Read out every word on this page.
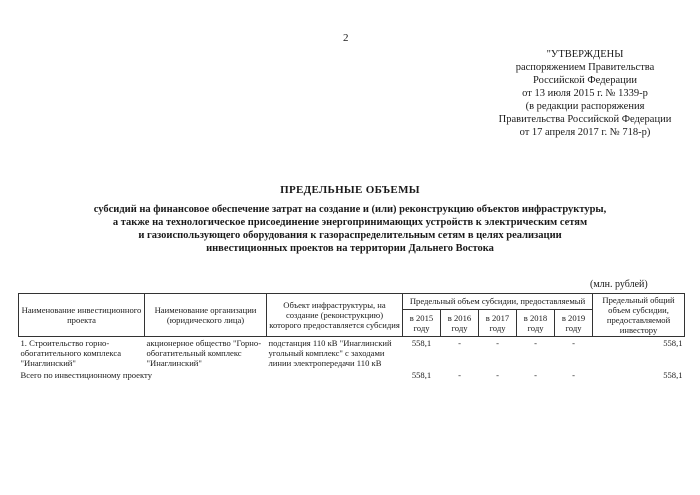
2
"УТВЕРЖДЕНЫ
распоряжением Правительства
Российской Федерации
от 13 июля 2015 г. № 1339-р
(в редакции распоряжения
Правительства Российской Федерации
от 17 апреля 2017 г. № 718-р)
ПРЕДЕЛЬНЫЕ ОБЪЕМЫ
субсидий на финансовое обеспечение затрат на создание и (или) реконструкцию объектов инфраструктуры,
а также на технологическое присоединение энергопринимающих устройств к электрическим сетям
и газоиспользующего оборудования к газораспределительным сетям в целях реализации
инвестиционных проектов на территории Дальнего Востока
(млн. рублей)
Наименование инвестиционного проекта	Наименование организации (юридического лица)	Объект инфраструктуры, на создание (реконструкцию) которого предоставляется субсидия	Предельный объем субсидии, предоставляемый					Предельный общий объем субсидии, предоставляемой инвестору
			в 2015 году	в 2016 году	в 2017 году	в 2018 году	в 2019 году	
1. Строительство горно-обогатительного комплекса "Инаглинский"	акционерное общество "Горно-обогатительный комплекс "Инаглинский"	подстанция 110 кВ "Инаглинский угольный комплекс" с заходами линии электропередачи 110 кВ	558,1	-	-	-	-	558,1
Всего по инвестиционному проекту			558,1	-	-	-	-	558,1
